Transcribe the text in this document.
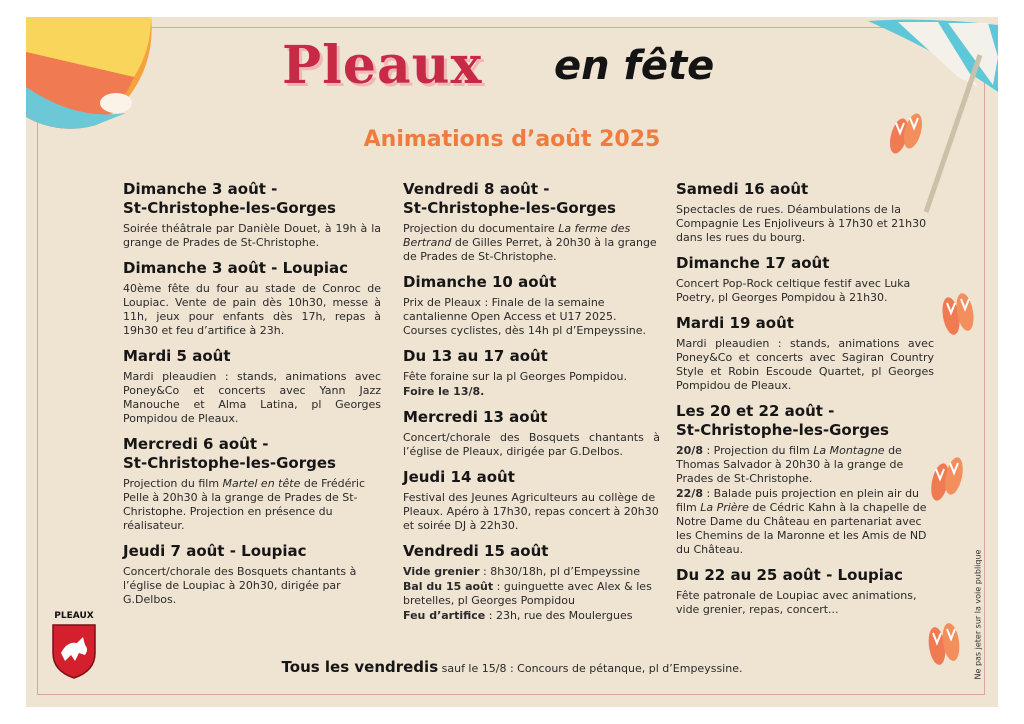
Pleaux en fête
Animations d’août 2025
Dimanche 3 août -
St-Christophe-les-Gorges

Soirée théâtrale par Danièle Douet, à 19h à la grange de Prades de St-Christophe.

Dimanche 3 août - Loupiac

40ème fête du four au stade de Conroc de Loupiac. Vente de pain dès 10h30, messe à 11h, jeux pour enfants dès 17h, repas à 19h30 et feu d’artifice à 23h.

Mardi 5 août

Mardi pleaudien : stands, animations avec Poney&Co et concerts avec Yann Jazz Manouche et Alma Latina, pl Georges Pompidou de Pleaux.

Mercredi 6 août -
St-Christophe-les-Gorges

Projection du film Martel en tête de Frédéric Pelle à 20h30 à la grange de Prades de St-Christophe. Projection en présence du réalisateur.

Jeudi 7 août - Loupiac

Concert/chorale des Bosquets chantants à l’église de Loupiac à 20h30, dirigée par G.Delbos.

Vendredi 8 août -
St-Christophe-les-Gorges

Projection du documentaire La ferme des Bertrand de Gilles Perret, à 20h30 à la grange de Prades de St-Christophe.

Dimanche 10 août

Prix de Pleaux : Finale de la semaine cantalienne Open Access et U17 2025. Courses cyclistes, dès 14h pl d’Empeyssine.

Du 13 au 17 août

Fête foraine sur la pl Georges Pompidou.

Foire le 13/8.

Mercredi 13 août

Concert/chorale des Bosquets chantants à l’église de Pleaux, dirigée par G.Delbos.

Jeudi 14 août

Festival des Jeunes Agriculteurs au collège de Pleaux. Apéro à 17h30, repas concert à 20h30 et soirée DJ à 22h30.

Vendredi 15 août

Vide grenier : 8h30/18h, pl d’Empeyssine

Bal du 15 août : guinguette avec Alex & les bretelles, pl Georges Pompidou

Feu d’artifice : 23h, rue des Moulergues

Samedi 16 août

Spectacles de rues. Déambulations de la Compagnie Les Enjoliveurs à 17h30 et 21h30 dans les rues du bourg.

Dimanche 17 août

Concert Pop-Rock celtique festif avec Luka Poetry, pl Georges Pompidou à 21h30.

Mardi 19 août

Mardi pleaudien : stands, animations avec Poney&Co et concerts avec Sagiran Country Style et Robin Escoude Quartet, pl Georges Pompidou de Pleaux.

Les 20 et 22 août -
St-Christophe-les-Gorges

20/8 : Projection du film La Montagne de Thomas Salvador à 20h30 à la grange de Prades de St-Christophe.

22/8 : Balade puis projection en plein air du film La Prière de Cédric Kahn à la chapelle de Notre Dame du Château en partenariat avec les Chemins de la Maronne et les Amis de ND du Château.

Du 22 au 25 août - Loupiac

Fête patronale de Loupiac avec animations, vide grenier, repas, concert...

PLEAUX
Tous les vendredis sauf le 15/8 : Concours de pétanque, pl d’Empeyssine.	Ne pas jeter sur la voie publique
